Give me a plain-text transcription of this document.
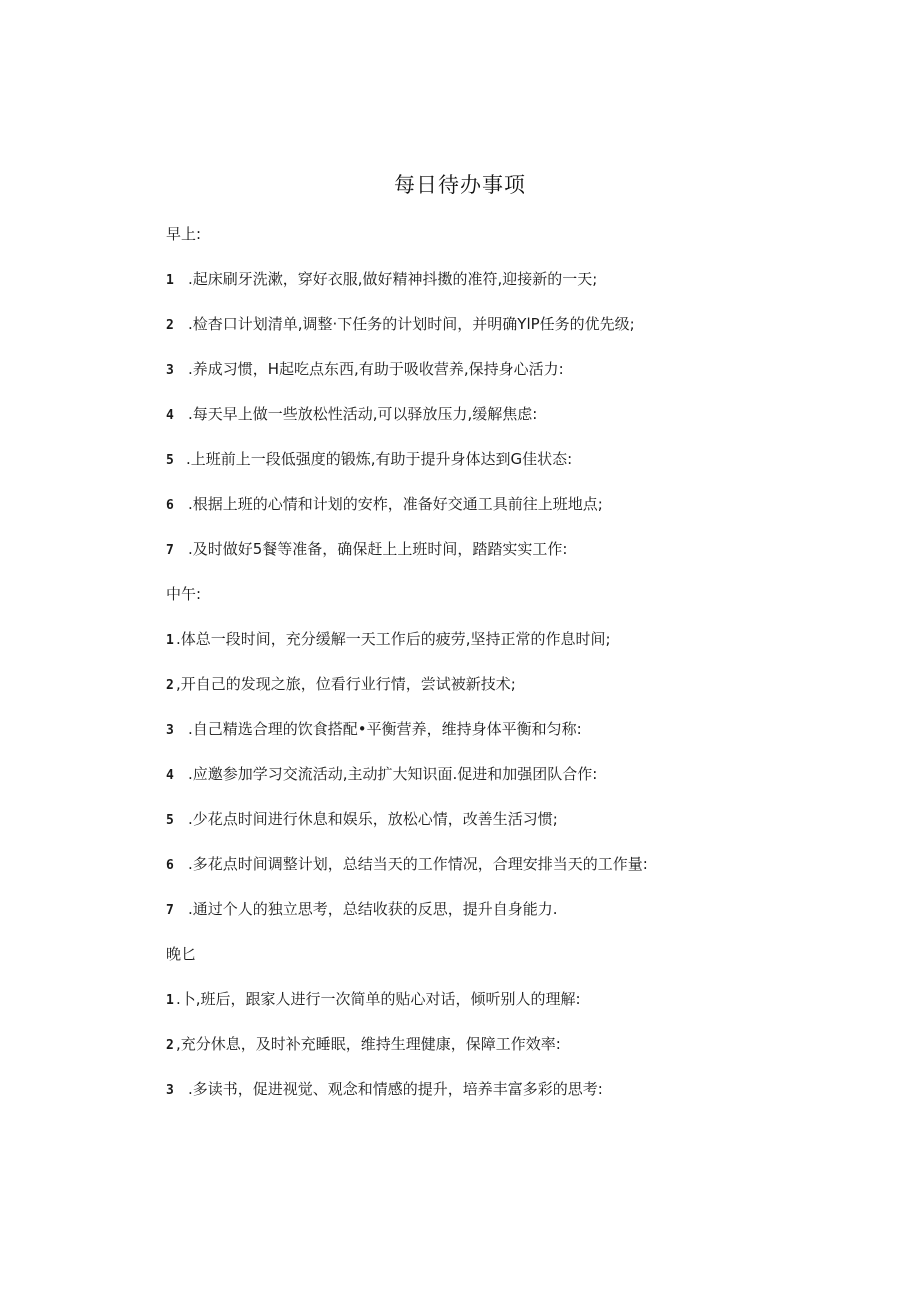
每日待办事项
早上:
1 .起床刷牙洗漱，穿好衣服,做好精神抖擞的准符,迎接新的一天;
2 .检杳口计划清单,调整·下任务的计划时间，并明确YlP任务的优先级;
3 .养成习惯，H起吃点东西,有助于吸收营养,保持身心活力:
4 .每天早上做一些放松性活动,可以驿放压力,缓解焦虑:
5 .上班前上一段低强度的锻炼,有助于提升身体达到G佳状态:
6 .根据上班的心情和计划的安柞，准备好交通工具前往上班地点;
7 .及时做好5餐等准备，确保赶上上班时间，踏踏实实工作:
中午:
1 .体总一段时间，充分缓解一天工作后的疲劳,坚持正常的作息时间;
2 ,开自己的发现之旅，位看行业行情，尝试被新技术;
3 .自己精选合理的饮食搭配•平衡营养，维持身体平衡和匀称:
4 .应邀参加学习交流活动,主动扩大知识面.促进和加强团队合作:
5 .少花点时间进行休息和娱乐，放松心情，改善生活习惯;
6 .多花点时间调整计划，总结当天的工作情况，合理安排当天的工作量:
7 .通过个人的独立思考，总结收获的反思，提升自身能力.
晚匕
1 .卜,班后，跟家人进行一次简单的贴心对话，倾听别人的理解:
2 ,充分休息，及时补充睡眠，维持生理健康，保障工作效率:
3 .多读书，促进视觉、观念和情感的提升，培养丰富多彩的思考:
